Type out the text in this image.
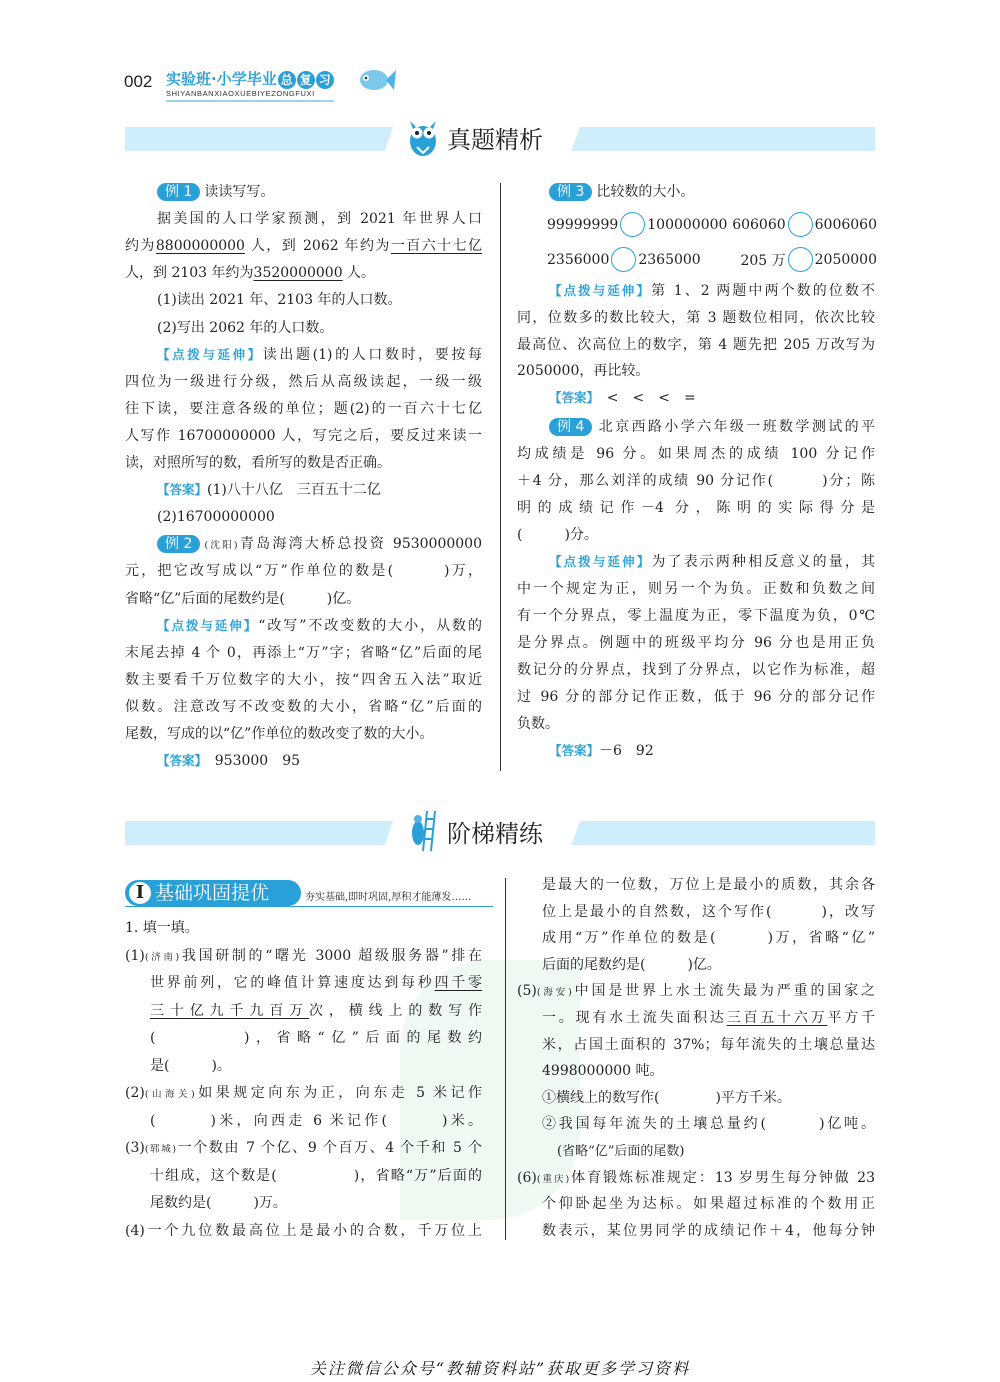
002 实验班·小学毕业 总 复 习
SHIYANBANXIAOXUEBIYEZONGFUXI
真题精析
例 1 读读写写。
据美国的人口学家预测，到 2021 年世界人口
约为8800000000 人，到 2062 年约为一百六十七亿
人，到 2103 年约为3520000000 人。
(1)读出 2021 年、2103 年的人口数。
(2)写出 2062 年的人口数。
【点拨与延伸】读出题(1)的人口数时，要按每
四位为一级进行分级，然后从高级读起，一级一级
往下读，要注意各级的单位；题(2)的一百六十七亿
人写作 16700000000 人，写完之后，要反过来读一
读，对照所写的数，看所写的数是否正确。
【答案】(1)八十八亿　三百五十二亿
(2)16700000000
例 2 (沈阳)青岛海湾大桥总投资 9530000000
元，把它改写成以“万”作单位的数是(　　　)万，
省略“亿”后面的尾数约是(　　　)亿。
【点拨与延伸】“改写”不改变数的大小，从数的
末尾去掉 4 个 0，再添上“万”字；省略“亿”后面的尾
数主要看千万位数字的大小，按“四舍五入法”取近
似数。注意改写不改变数的大小，省略“亿”后面的
尾数，写成的以“亿”作单位的数改变了数的大小。
【答案】　953000　95
例 3 比较数的大小。
99999999 100000000 606060 6006060
2356000 2365000	205 万 2050000
【点拨与延伸】第 1、2 两题中两个数的位数不
同，位数多的数比较大，第 3 题数位相同，依次比较
最高位、次高位上的数字，第 4 题先把 205 万改写为
2050000，再比较。
【答案】　<　<　<　=
例 4 北京西路小学六年级一班数学测试的平
均成绩是 96 分。如果周杰的成绩 100 分记作
＋4 分，那么刘洋的成绩 90 分记作(　　　)分；陈
明的成绩记作－4 分，陈明的实际得分是
(　　　)分。
【点拨与延伸】为了表示两种相反意义的量，其
中一个规定为正，则另一个为负。正数和负数之间
有一个分界点，零上温度为正，零下温度为负，0℃
是分界点。例题中的班级平均分 96 分也是用正负
数记分的分界点，找到了分界点，以它作为标准，超
过 96 分的部分记作正数，低于 96 分的部分记作
负数。
【答案】－6　92
阶梯精练
I 基础巩固提优	夯实基础,即时巩固,厚积才能薄发……
1. 填一填。
(1)(济南)我国研制的“曙光 3000 超级服务器”排在
世界前列，它的峰值计算速度达到每秒四千零
三十亿九千九百万次，横线上的数写作
(　　　　)，省略“亿”后面的尾数约
是(　　　)。
(2)(山海关)如果规定向东为正，向东走 5 米记作
(　　　)米，向西走 6 米记作(　　　)米。
(3)(郓城)一个数由 7 个亿、9 个百万、4 个千和 5 个
十组成，这个数是(　　　　　)，省略“万”后面的
尾数约是(　　　)万。
(4)一个九位数最高位上是最小的合数，千万位上
是最大的一位数，万位上是最小的质数，其余各
位上是最小的自然数，这个写作(　　　)，改写
成用“万”作单位的数是(　　　)万，省略“亿”
后面的尾数约是(　　　)亿。
(5)(海安)中国是世界上水土流失最为严重的国家之
一。现有水土流失面积达三百五十六万平方千
米，占国土面积的 37%；每年流失的土壤总量达
4998000000 吨。
①横线上的数写作(　　　　)平方千米。
②我国每年流失的土壤总量约(　　　)亿吨。
(省略“亿”后面的尾数)
(6)(重庆)体育锻炼标准规定：13 岁男生每分钟做 23
个仰卧起坐为达标。如果超过标准的个数用正
数表示，某位男同学的成绩记作＋4，他每分钟
关注微信公众号“教辅资料站”获取更多学习资料
